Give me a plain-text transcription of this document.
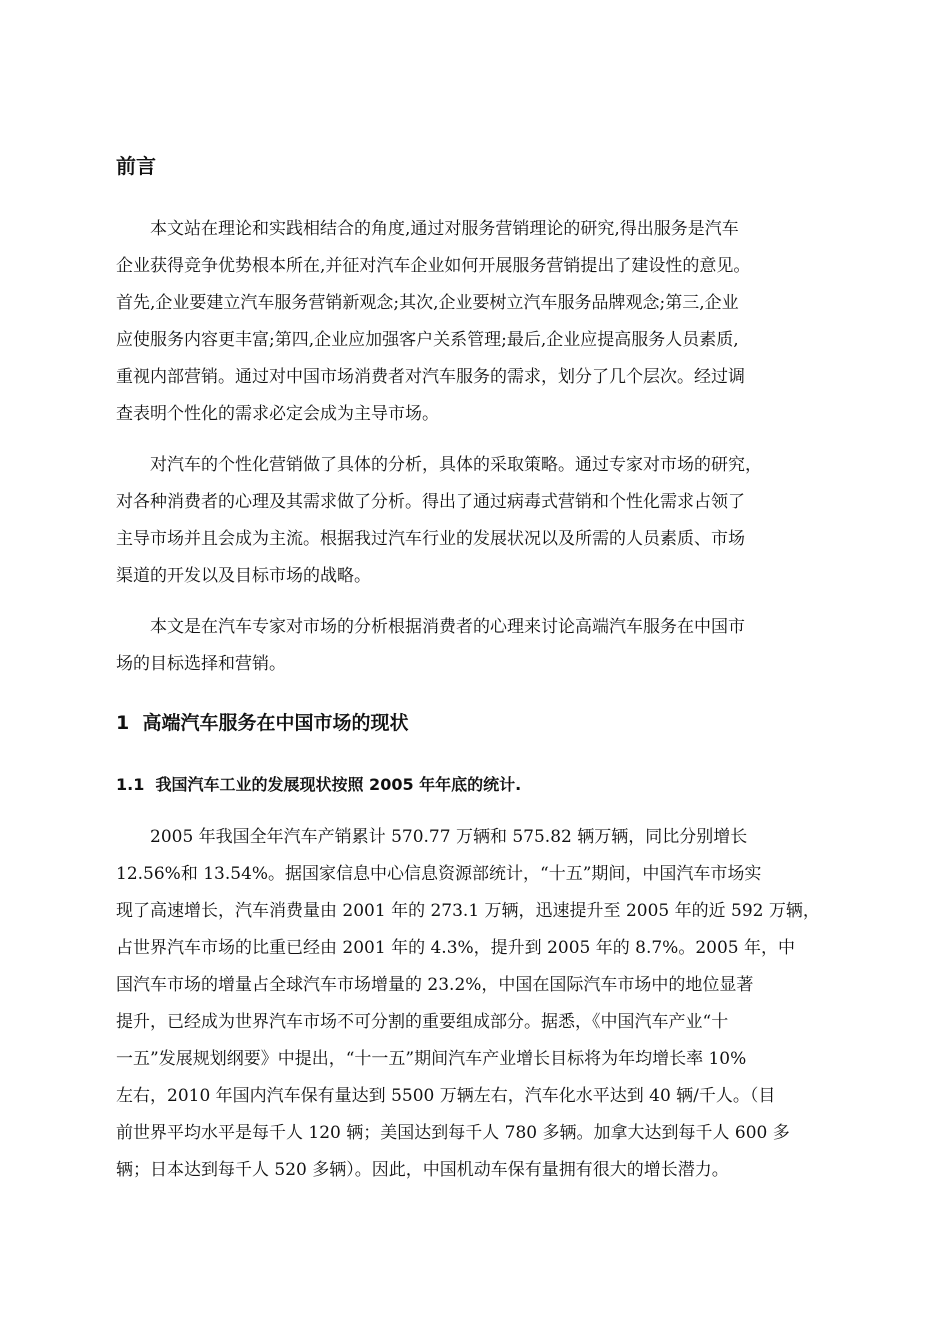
前言
本文站在理论和实践相结合的角度,通过对服务营销理论的研究,得出服务是汽车
企业获得竞争优势根本所在,并征对汽车企业如何开展服务营销提出了建设性的意见。
首先,企业要建立汽车服务营销新观念;其次,企业要树立汽车服务品牌观念;第三,企业
应使服务内容更丰富;第四,企业应加强客户关系管理;最后,企业应提高服务人员素质,
重视内部营销。通过对中国市场消费者对汽车服务的需求，划分了几个层次。经过调
查表明个性化的需求必定会成为主导市场。
对汽车的个性化营销做了具体的分析，具体的采取策略。通过专家对市场的研究，
对各种消费者的心理及其需求做了分析。得出了通过病毒式营销和个性化需求占领了
主导市场并且会成为主流。根据我过汽车行业的发展状况以及所需的人员素质、市场
渠道的开发以及目标市场的战略。
本文是在汽车专家对市场的分析根据消费者的心理来讨论高端汽车服务在中国市
场的目标选择和营销。
1  高端汽车服务在中国市场的现状
1.1  我国汽车工业的发展现状按照 2005 年年底的统计.
2005 年我国全年汽车产销累计 570.77 万辆和 575.82 辆万辆，同比分别增长
12.56%和 13.54%。据国家信息中心信息资源部统计，“十五”期间，中国汽车市场实
现了高速增长，汽车消费量由 2001 年的 273.1 万辆，迅速提升至 2005 年的近 592 万辆，
占世界汽车市场的比重已经由 2001 年的 4.3%，提升到 2005 年的 8.7%。2005 年，中
国汽车市场的增量占全球汽车市场增量的 23.2%，中国在国际汽车市场中的地位显著
提升，已经成为世界汽车市场不可分割的重要组成部分。据悉，《中国汽车产业“十
一五”发展规划纲要》中提出，“十一五”期间汽车产业增长目标将为年均增长率 10%
左右，2010 年国内汽车保有量达到 5500 万辆左右，汽车化水平达到 40 辆/千人。（目
前世界平均水平是每千人 120 辆；美国达到每千人 780 多辆。加拿大达到每千人 600 多
辆；日本达到每千人 520 多辆）。因此，中国机动车保有量拥有很大的增长潜力。
